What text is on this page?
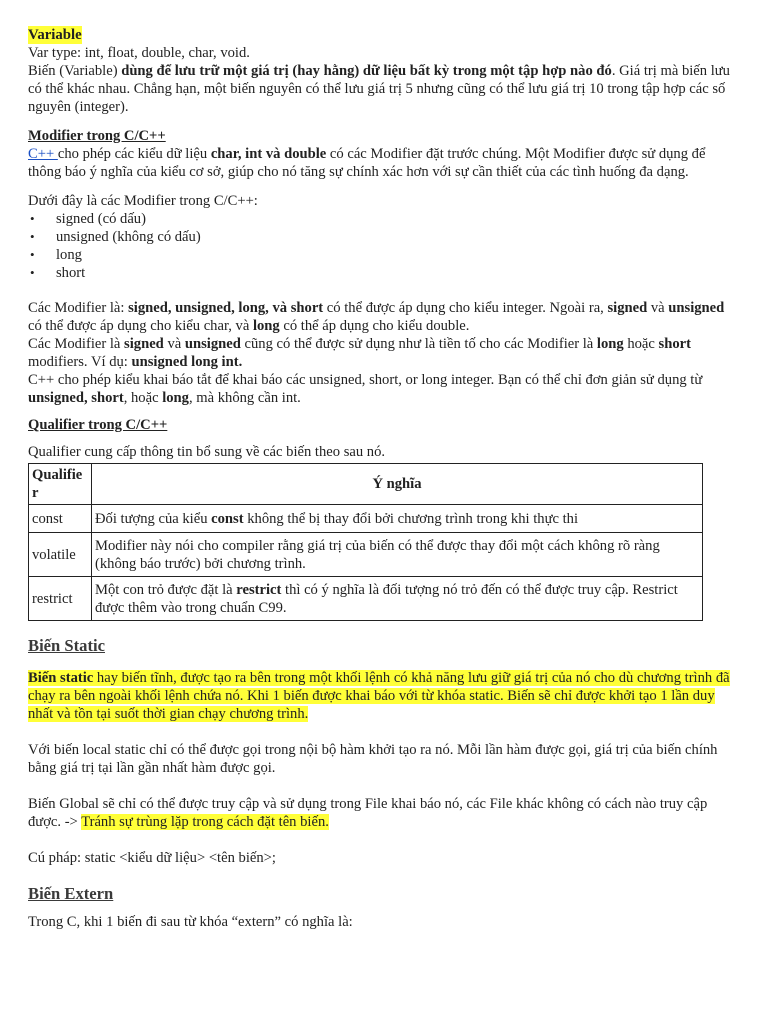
Variable

Var type: int, float, double, char, void.

Biến (Variable) dùng để lưu trữ một giá trị (hay hằng) dữ liệu bất kỳ trong một tập hợp nào đó. Giá trị mà biến lưu có thể khác nhau. Chẳng hạn, một biến nguyên có thể lưu giá trị 5 nhưng cũng có thể lưu giá trị 10 trong tập hợp các số nguyên (integer).

Modifier trong C/C++

C++ cho phép các kiểu dữ liệu char, int và double có các Modifier đặt trước chúng. Một Modifier được sử dụng để thông báo ý nghĩa của kiểu cơ sở, giúp cho nó tăng sự chính xác hơn với sự cần thiết của các tình huống đa dạng.

Dưới đây là các Modifier trong C/C++:

• signed (có dấu)
• unsigned (không có dấu)
• long
• short

Các Modifier là: signed, unsigned, long, và short có thể được áp dụng cho kiểu integer. Ngoài ra, signed và unsigned có thể được áp dụng cho kiểu char, và long có thể áp dụng cho kiểu double.

Các Modifier là signed và unsigned cũng có thể được sử dụng như là tiền tố cho các Modifier là long hoặc short modifiers. Ví dụ: unsigned long int.

C++ cho phép kiểu khai báo tắt để khai báo các unsigned, short, or long integer. Bạn có thể chỉ đơn giản sử dụng từ unsigned, short, hoặc long, mà không cần int.

Qualifier trong C/C++

Qualifier cung cấp thông tin bổ sung về các biến theo sau nó.

Qualifier	Ý nghĩa
const	Đối tượng của kiểu const không thể bị thay đổi bởi chương trình trong khi thực thi
volatile	Modifier này nói cho compiler rằng giá trị của biến có thể được thay đổi một cách không rõ ràng (không báo trước) bởi chương trình.
restrict	Một con trỏ được đặt là restrict thì có ý nghĩa là đối tượng nó trỏ đến có thể được truy cập. Restrict được thêm vào trong chuẩn C99.

Biến Static

Biến static hay biến tĩnh, được tạo ra bên trong một khối lệnh có khả năng lưu giữ giá trị của nó cho dù chương trình đã chạy ra bên ngoài khối lệnh chứa nó. Khi 1 biến được khai báo với từ khóa static. Biến sẽ chỉ được khởi tạo 1 lần duy nhất và tồn tại suốt thời gian chạy chương trình.

Với biến local static chỉ có thể được gọi trong nội bộ hàm khởi tạo ra nó. Mỗi lần hàm được gọi, giá trị của biến chính bằng giá trị tại lần gần nhất hàm được gọi.

Biến Global sẽ chỉ có thể được truy cập và sử dụng trong File khai báo nó, các File khác không có cách nào truy cập được. -> Tránh sự trùng lặp trong cách đặt tên biến.

Cú pháp: static <kiểu dữ liệu> <tên biến>;

Biến Extern

Trong C, khi 1 biến đi sau từ khóa “extern” có nghĩa là:
